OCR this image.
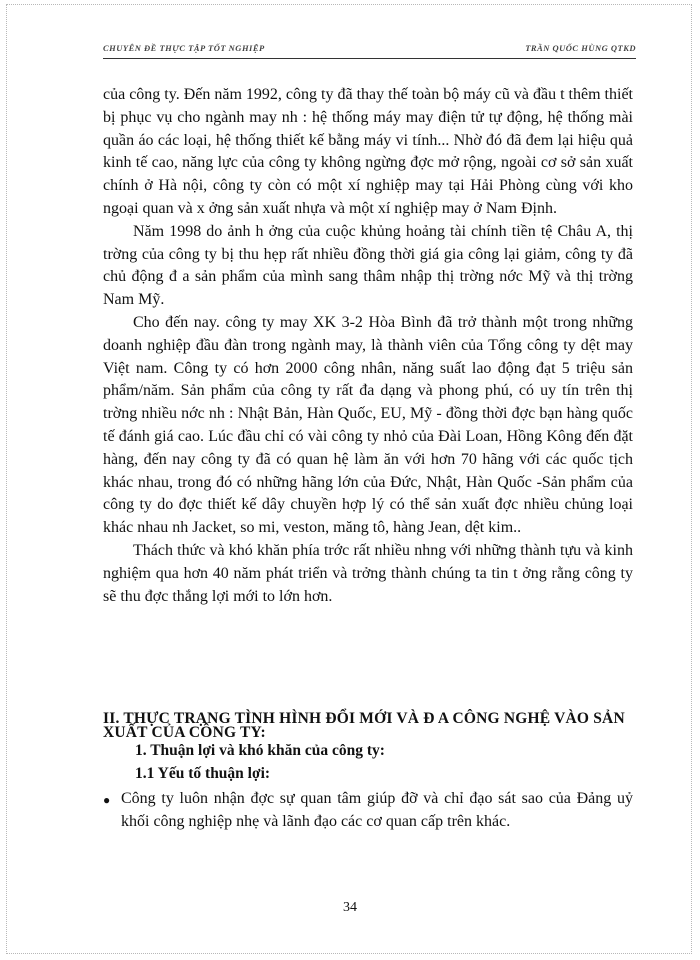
CHUYÊN ĐỀ THỰC TẬP TỐT NGHIỆP	TRẦN QUỐC HÙNG QTKD

của công ty. Đến năm 1992, công ty đã thay thế toàn bộ máy cũ và đầu t thêm thiết bị phục vụ cho ngành may nh : hệ thống máy may điện tử tự động, hệ thống mài quần áo các loại, hệ thống thiết kế bằng máy vi tính... Nhờ đó đã đem lại hiệu quả kinh tế cao, năng lực của công ty không ngừng đợc mở rộng, ngoài cơ sở sản xuất chính ở Hà nội, công ty còn có một xí nghiệp may tại Hải Phòng cùng với kho ngoại quan và x ởng sản xuất nhựa và một xí nghiệp may ở Nam Định.

Năm 1998 do ảnh h ởng của cuộc khủng hoảng tài chính tiền tệ Châu A, thị trờng của công ty bị thu hẹp rất nhiều đồng thời giá gia công lại giảm, công ty đã chủ động đ a sản phẩm của mình sang thâm nhập thị trờng nớc Mỹ và thị trờng Nam Mỹ.

Cho đến nay. công ty may XK 3-2 Hòa Bình đã trở thành một trong những doanh nghiệp đầu đàn trong ngành may, là thành viên của Tổng công ty dệt may Việt nam. Công ty có hơn 2000 công nhân, năng suất lao động đạt 5 triệu sản phẩm/năm. Sản phẩm của công ty rất đa dạng và phong phú, có uy tín trên thị trờng nhiều nớc nh : Nhật Bản, Hàn Quốc, EU, Mỹ - đồng thời đợc bạn hàng quốc tế đánh giá cao. Lúc đầu chỉ có vài công ty nhỏ của Đài Loan, Hồng Kông đến đặt hàng, đến nay công ty đã có quan hệ làm ăn với hơn 70 hãng với các quốc tịch khác nhau, trong đó có những hãng lớn của Đức, Nhật, Hàn Quốc -Sản phẩm của công ty do đợc thiết kế dây chuyền hợp lý có thể sản xuất đợc nhiều chủng loại khác nhau nh Jacket, so mi, veston, măng tô, hàng Jean, dệt kim..

Thách thức và khó khăn phía trớc rất nhiều nhng với những thành tựu và kinh nghiệm qua hơn 40 năm phát triển và trởng thành chúng ta tin t ởng rằng công ty sẽ thu đợc thắng lợi mới to lớn hơn.

II. THỰC TRẠNG TÌNH HÌNH ĐỔI MỚI VÀ Đ A CÔNG NGHỆ VÀO SẢN XUẤT CỦA CÔNG TY:
1. Thuận lợi và khó khăn của công ty:
1.1 Yếu tố thuận lợi:
● Công ty luôn nhận đợc sự quan tâm giúp đỡ và chỉ đạo sát sao của Đảng uỷ khối công nghiệp nhẹ và lãnh đạo các cơ quan cấp trên khác.
34
